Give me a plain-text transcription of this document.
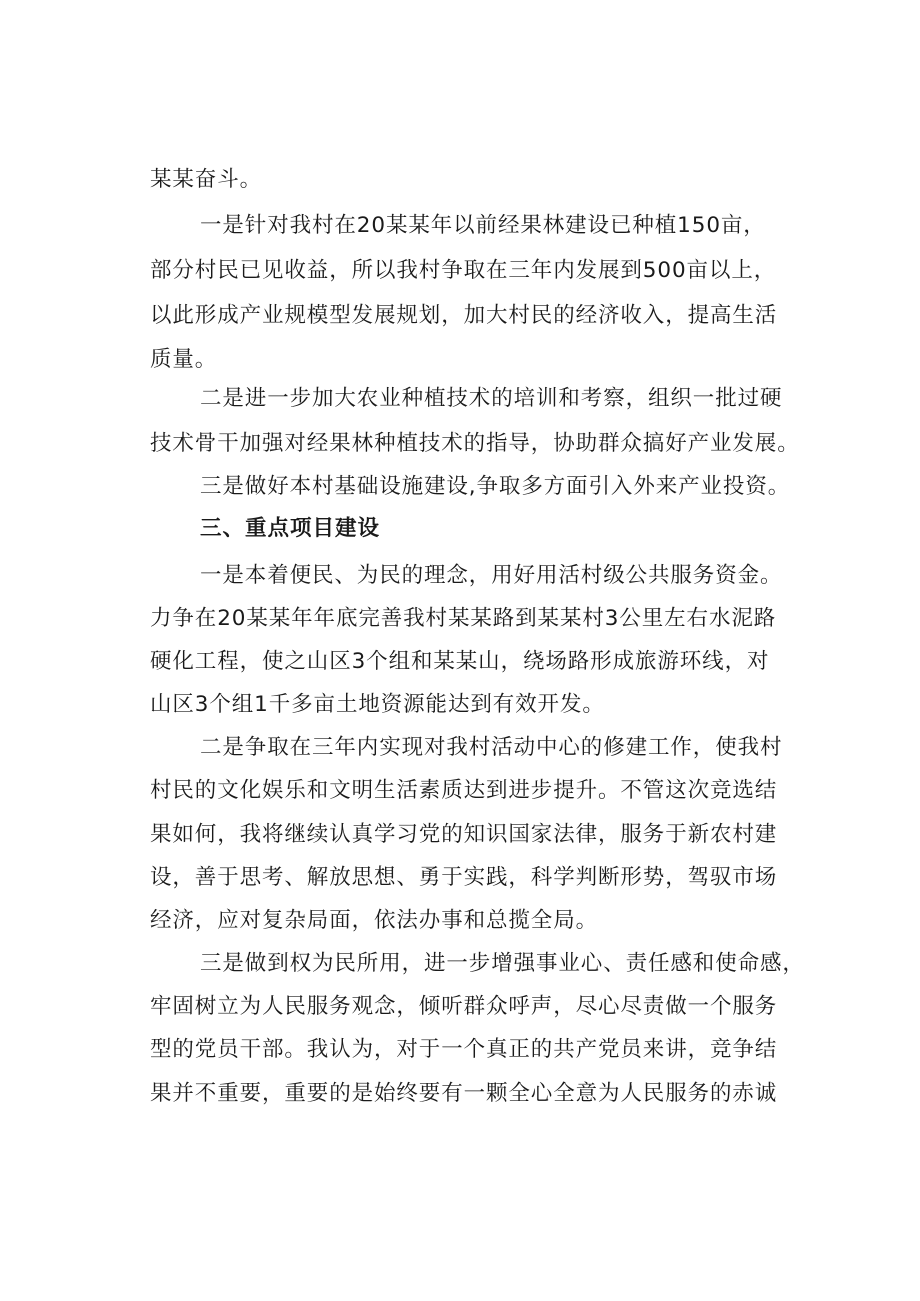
某某奋斗。
一是针对我村在20某某年以前经果林建设已种植150亩，
部分村民已见收益，所以我村争取在三年内发展到500亩以上，
以此形成产业规模型发展规划，加大村民的经济收入，提高生活
质量。
二是进一步加大农业种植技术的培训和考察，组织一批过硬
技术骨干加强对经果林种植技术的指导，协助群众搞好产业发展。
三是做好本村基础设施建设,争取多方面引入外来产业投资。
三、重点项目建设
一是本着便民、为民的理念，用好用活村级公共服务资金。
力争在20某某年年底完善我村某某路到某某村3公里左右水泥路
硬化工程，使之山区3个组和某某山，绕场路形成旅游环线，对
山区3个组1千多亩土地资源能达到有效开发。
二是争取在三年内实现对我村活动中心的修建工作，使我村
村民的文化娱乐和文明生活素质达到进步提升。不管这次竞选结
果如何，我将继续认真学习党的知识国家法律，服务于新农村建
设，善于思考、解放思想、勇于实践，科学判断形势，驾驭市场
经济，应对复杂局面，依法办事和总揽全局。
三是做到权为民所用，进一步增强事业心、责任感和使命感，
牢固树立为人民服务观念，倾听群众呼声，尽心尽责做一个服务
型的党员干部。我认为，对于一个真正的共产党员来讲，竞争结
果并不重要，重要的是始终要有一颗全心全意为人民服务的赤诚
